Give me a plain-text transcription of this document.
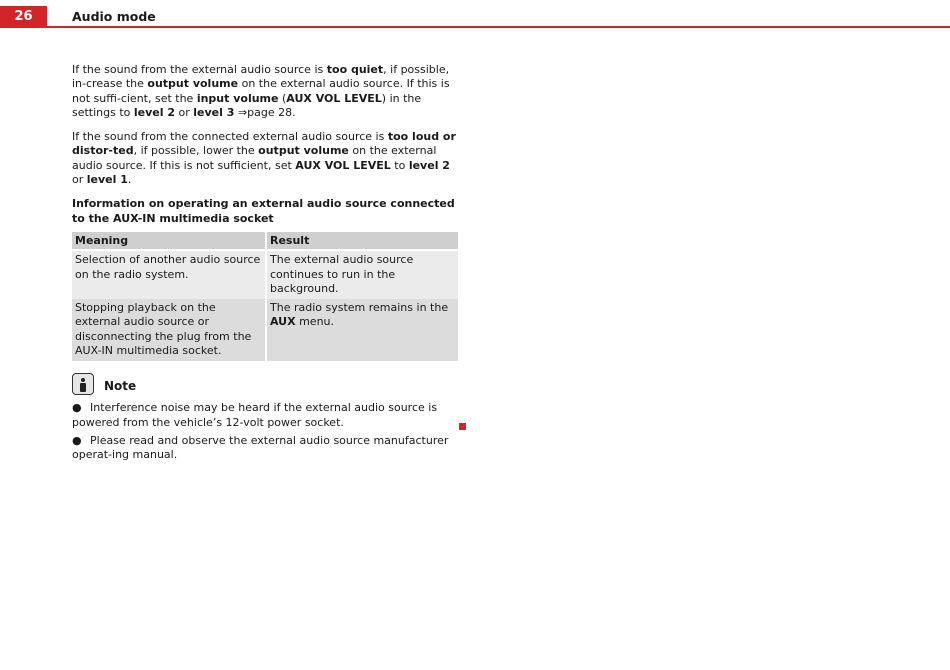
26	Audio mode

If the sound from the external audio source is too quiet, if possible, in-crease the output volume on the external audio source. If this is not suffi-cient, set the input volume (AUX VOL LEVEL) in the settings to level 2 or level 3 ⇒page 28.

If the sound from the connected external audio source is too loud or distor-ted, if possible, lower the output volume on the external audio source. If this is not sufficient, set AUX VOL LEVEL to level 2 or level 1.

Information on operating an external audio source connected to the AUX-IN multimedia socket
Meaning	Result
Selection of another audio source on the radio system.	The external audio source continues to run in the background.
Stopping playback on the external audio source or disconnecting the plug from the AUX-IN multimedia socket.	The radio system remains in the AUX menu.
Note
● Interference noise may be heard if the external audio source is powered from the vehicle’s 12-volt power socket.
● Please read and observe the external audio source manufacturer operat-ing manual.
